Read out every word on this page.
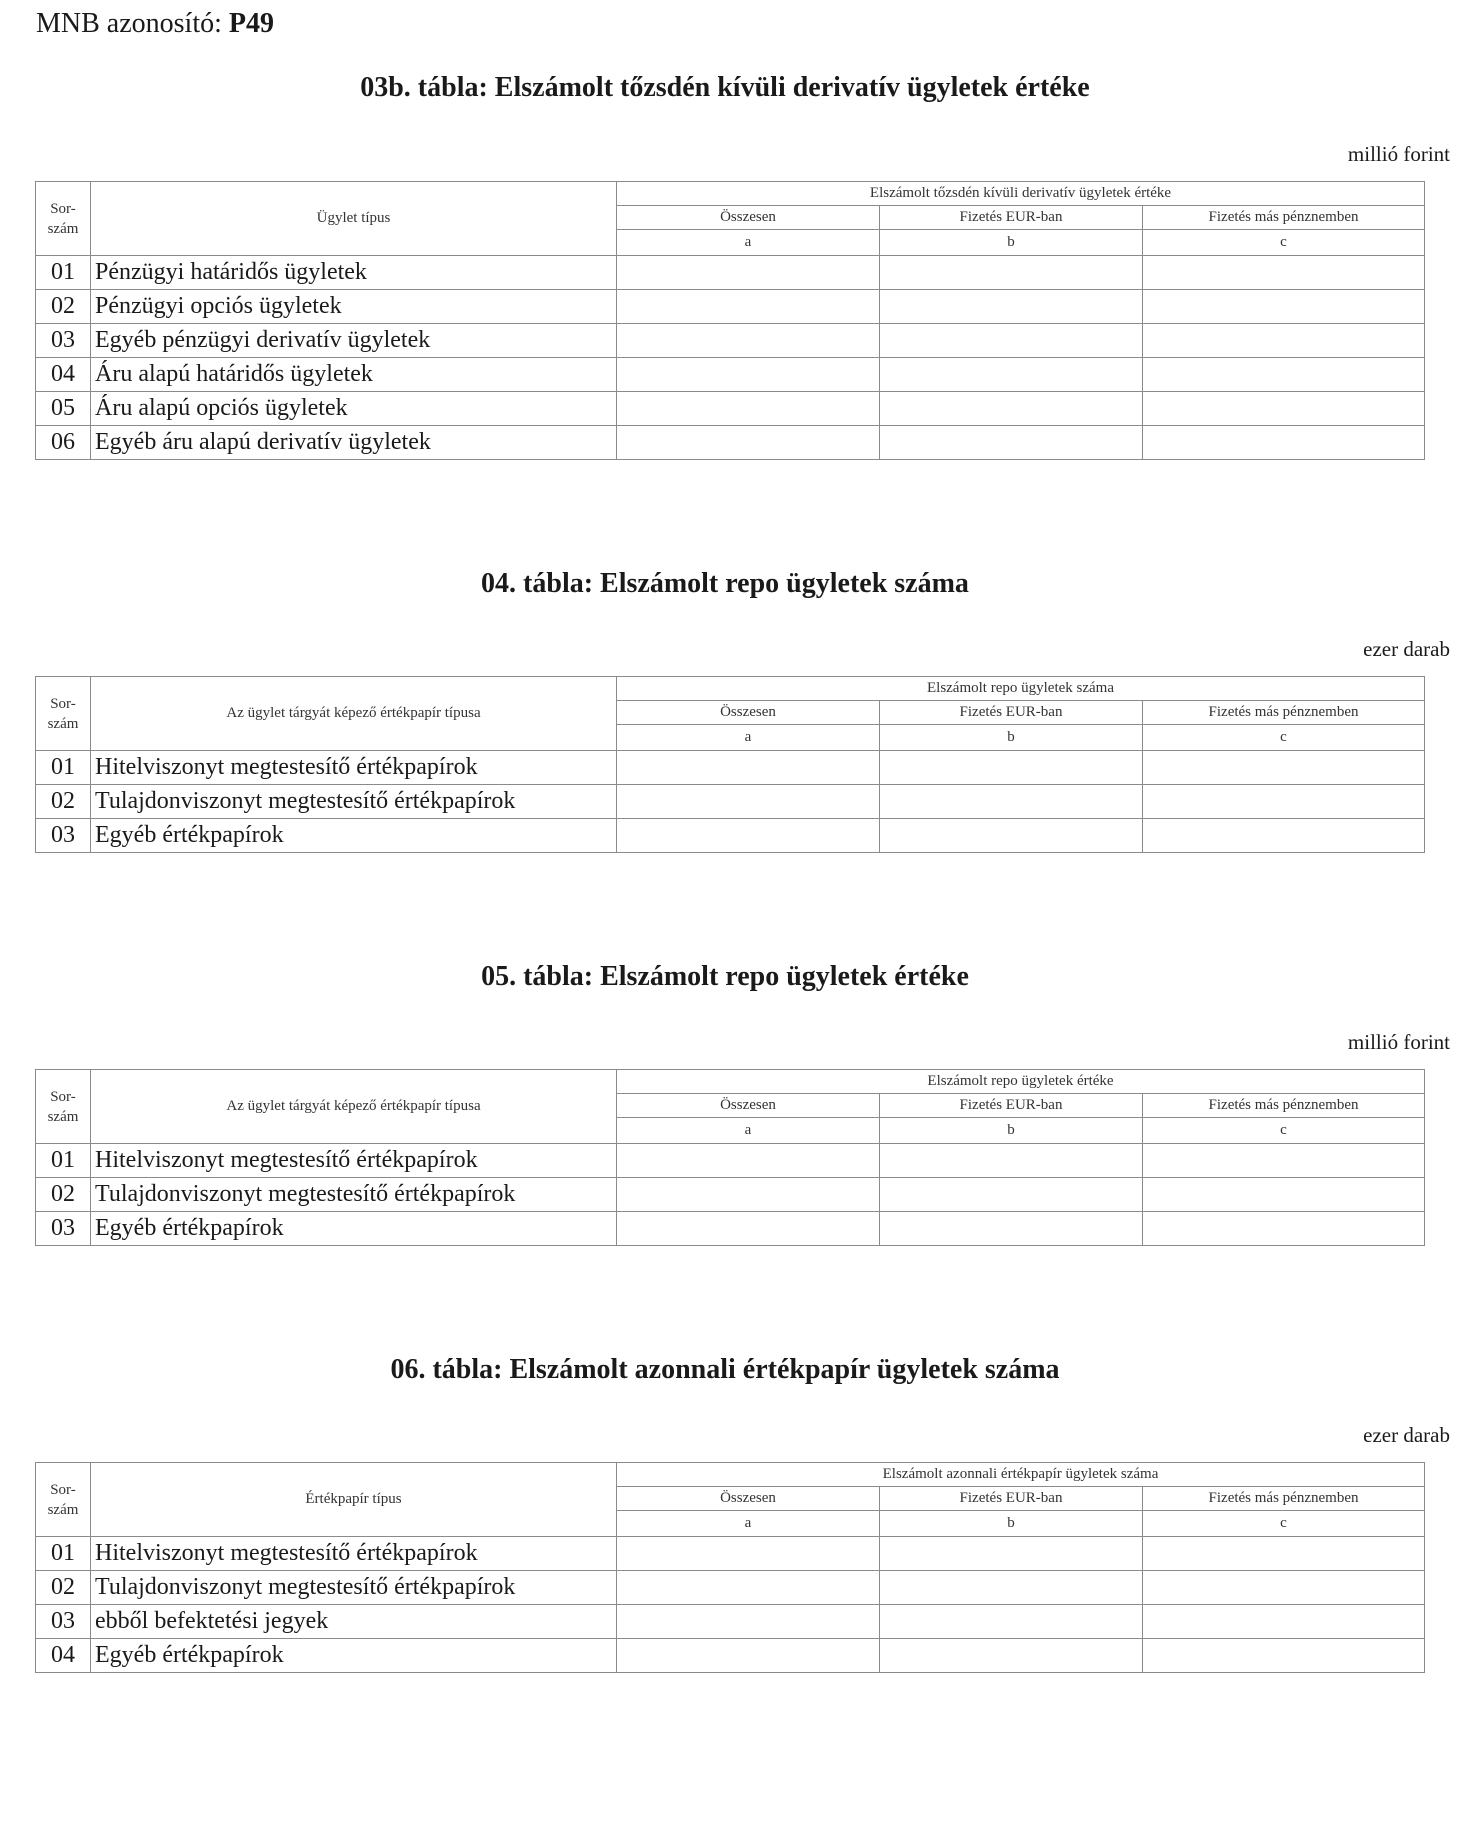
MNB azonosító: P49
03b. tábla: Elszámolt tőzsdén kívüli derivatív ügyletek értéke
millió forint
Sor-
szám	Ügylet típus	Elszámolt tőzsdén kívüli derivatív ügyletek értéke		
		Összesen	Fizetés EUR-ban	Fizetés más pénznemben
		a	b	c
01	Pénzügyi határidős ügyletek			
02	Pénzügyi opciós ügyletek			
03	Egyéb pénzügyi derivatív ügyletek			
04	Áru alapú határidős ügyletek			
05	Áru alapú opciós ügyletek			
06	Egyéb áru alapú derivatív ügyletek			
04. tábla: Elszámolt repo ügyletek száma
ezer darab
Sor-
szám	Az ügylet tárgyát képező értékpapír típusa	Elszámolt repo ügyletek száma		
		Összesen	Fizetés EUR-ban	Fizetés más pénznemben
		a	b	c
01	Hitelviszonyt megtestesítő értékpapírok			
02	Tulajdonviszonyt megtestesítő értékpapírok			
03	Egyéb értékpapírok			
05. tábla: Elszámolt repo ügyletek értéke
millió forint
Sor-
szám	Az ügylet tárgyát képező értékpapír típusa	Elszámolt repo ügyletek értéke		
		Összesen	Fizetés EUR-ban	Fizetés más pénznemben
		a	b	c
01	Hitelviszonyt megtestesítő értékpapírok			
02	Tulajdonviszonyt megtestesítő értékpapírok			
03	Egyéb értékpapírok			
06. tábla: Elszámolt azonnali értékpapír ügyletek száma
ezer darab
Sor-
szám	Értékpapír típus	Elszámolt azonnali értékpapír ügyletek száma		
		Összesen	Fizetés EUR-ban	Fizetés más pénznemben
		a	b	c
01	Hitelviszonyt megtestesítő értékpapírok			
02	Tulajdonviszonyt megtestesítő értékpapírok			
03	ebből befektetési jegyek			
04	Egyéb értékpapírok			
